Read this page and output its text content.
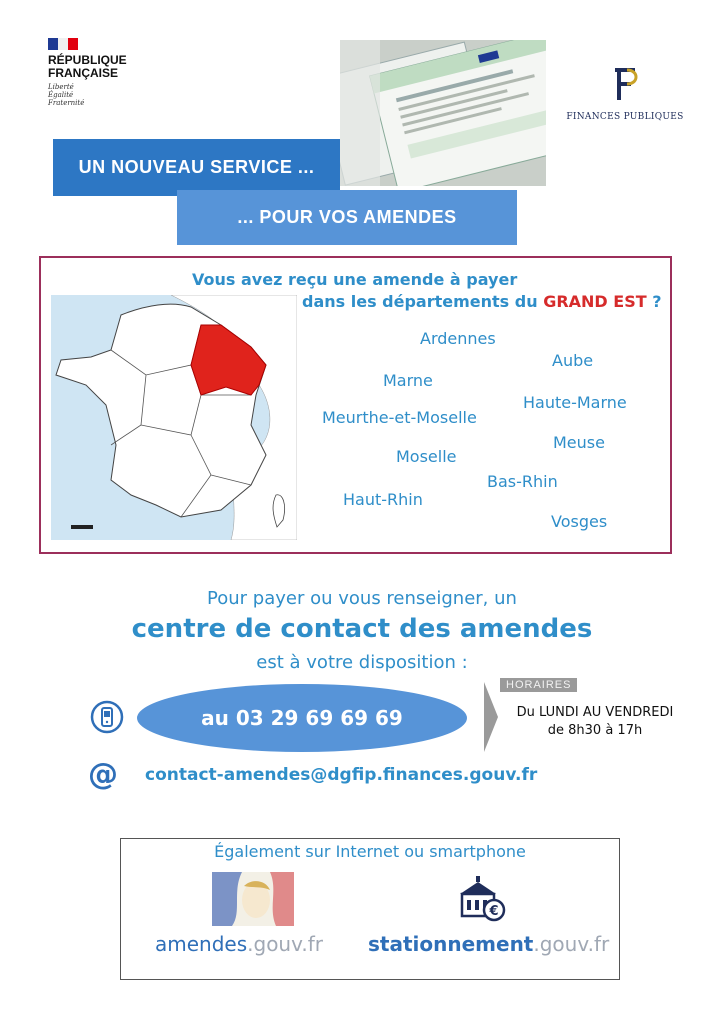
RÉPUBLIQUE
FRANÇAISE
Liberté
Égalité
Fraternité
FINANCES PUBLIQUES
UN NOUVEAU SERVICE ...
... POUR VOS AMENDES
Vous avez reçu une amende à payer
dans les départements du GRAND EST ?
Ardennes
Aube
Marne
Haute-Marne
Meurthe-et-Moselle
Meuse
Moselle
Bas-Rhin
Haut-Rhin
Vosges
Pour payer ou vous renseigner, un
centre de contact des amendes
est à votre disposition :
au 03 29 69 69 69
HORAIRES
Du LUNDI AU VENDREDI
de 8h30 à 17h
@ contact-amendes@dgfip.finances.gouv.fr
Également sur Internet ou smartphone
€
amendes.gouv.fr stationnement.gouv.fr
